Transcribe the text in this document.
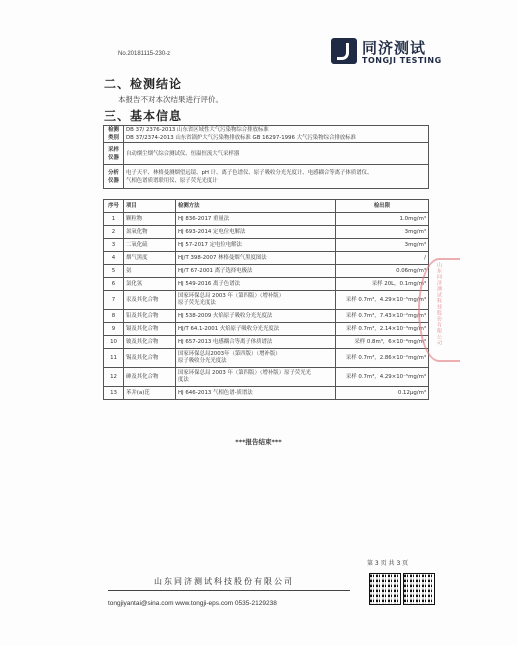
No.20181115-230-z	同济测试
TONGJI TESTING
二、检测结论
本报告不对本次结果进行评价。
三、基本信息
检测类别	DB 37/ 2376-2013 山东省区域性大气污染物综合排放标准
DB 37/2374-2013 山东省锅炉大气污染物排放标准 GB 16297-1996 大气污染物综合排放标准

采样仪器	自动烟尘烟气综合测试仪、恒温恒流大气采样器
分析仪器	电子天平、林格曼测烟望远镜、pH 计、离子色谱仪、原子吸收分光光度计、电感耦合等离子体质谱仪、
气相色谱质谱联用仪、原子荧光光度计
序号	项目	检测方法	检出限
1	颗粒物	HJ 836-2017 重量法	1.0mg/m³
2	氮氧化物	HJ 693-2014 定电位电解法	3mg/m³
3	二氧化硫	HJ 57-2017 定电位电解法	3mg/m³
4	烟气黑度	HJ/T 398-2007 林格曼烟气黑度图法	/
5	氨	HJ/T 67-2001 离子选择电极法	0.06mg/m³
6	氯化氢	HJ 549-2016 离子色谱法	采样 20L，0.1mg/m³
7	汞及其化合物	国家环保总局 2003 年（第四版）（增补版）
原子荧光光度法	采样 0.7m³，4.29×10⁻⁵mg/m³
8	铅及其化合物	HJ 538-2009 火焰原子吸收分光光度法	采样 0.7m³，7.43×10⁻²mg/m³
9	镉及其化合物	HJ/T 64.1-2001 火焰原子吸收分光光度法	采样 0.7m³，2.14×10⁻³mg/m³
10	铍及其化合物	HJ 657-2013 电感耦合等离子体质谱法	采样 0.8m³，6×10⁻⁶mg/m³
11	锡及其化合物	国家环保总局2003年（第四版）（增补版）
原子吸收分光光度法	采样 0.7m³，2.86×10⁻²mg/m³
12	砷及其化合物	国家环保总局 2003 年（第四版）（增补版）原子荧光光
度法	采样 0.7m³，4.29×10⁻⁵mg/m³
13	苯并(a)芘	HJ 646-2013 气相色谱-质谱法	0.12μg/m³
***报告结束***
山东同济测试科技股份有限公司
第 3 页 共 3 页
山东同济测试科技股份有限公司
tongjiyantai@sina.com www.tongji-eps.com 0535-2129238
